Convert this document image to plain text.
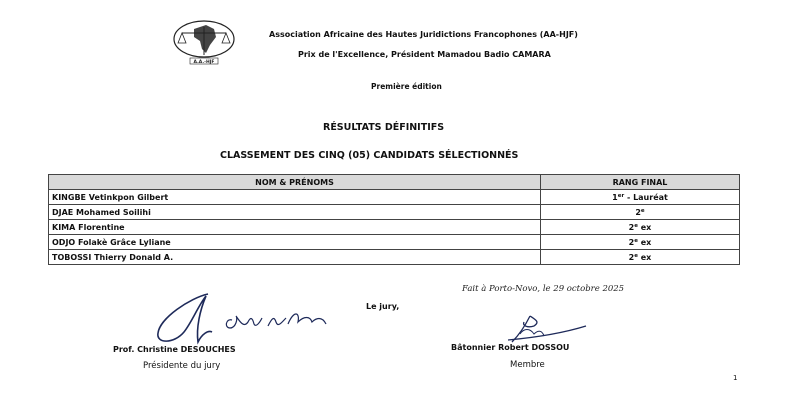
A.A.-HJF
Association Africaine des Hautes Juridictions Francophones (AA-HJF)
Prix de l'Excellence, Président Mamadou Badio CAMARA
Première édition
RÉSULTATS DÉFINITIFS
CLASSEMENT DES CINQ (05) CANDIDATS SÉLECTIONNÉS
NOM & PRÉNOMS	RANG FINAL
KINGBE Vetinkpon Gilbert	1er - Lauréat
DJAE Mohamed Soilihi	2e
KIMA Florentine	2e ex
ODJO Folakè Grâce Lyliane	2e ex
TOBOSSI Thierry Donald A.	2e ex
Fait à Porto-Novo, le 29 octobre 2025
Le jury,
Prof. Christine DESOUCHES
Présidente du jury
Bâtonnier Robert DOSSOU
Membre
1
